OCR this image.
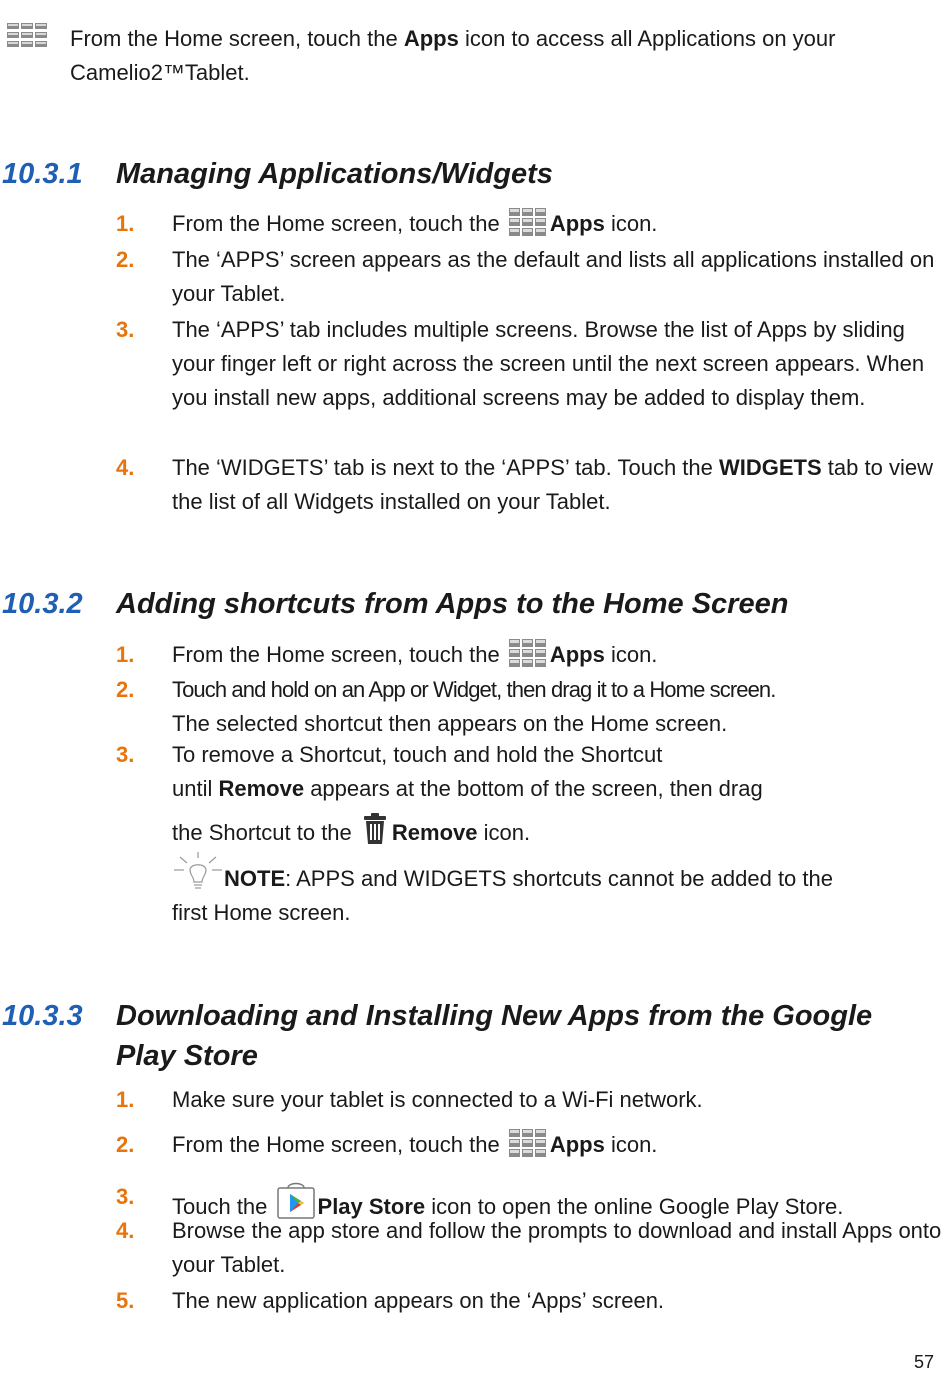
From the Home screen, touch the Apps icon to access all Applications on your Camelio2™Tablet.
10.3.1 Managing Applications/Widgets
1. From the Home screen, touch the Apps icon.
2. The ‘APPS’ screen appears as the default and lists all applications installed on your Tablet.
3. The ‘APPS’ tab includes multiple screens. Browse the list of Apps by sliding your finger left or right across the screen until the next screen appears. When you install new apps, additional screens may be added to display them.
4. The ‘WIDGETS’ tab is next to the ‘APPS’ tab. Touch the WIDGETS tab to view the list of all Widgets installed on your Tablet.
10.3.2 Adding shortcuts from Apps to the Home Screen
1. From the Home screen, touch the Apps icon.
2. Touch and hold on an App or Widget, then drag it to a Home screen.
The selected shortcut then appears on the Home screen.
3. To remove a Shortcut, touch and hold the Shortcut
until Remove appears at the bottom of the screen, then drag
the Shortcut to the Remove icon.
NOTE: APPS and WIDGETS shortcuts cannot be added to the
first Home screen.
10.3.3 Downloading and Installing New Apps from the Google
Play Store
1. Make sure your tablet is connected to a Wi-Fi network.
2. From the Home screen, touch the Apps icon.
3. Touch the Play Store icon to open the online Google Play Store.
4. Browse the app store and follow the prompts to download and install Apps onto your Tablet.
5. The new application appears on the ‘Apps’ screen.
57
